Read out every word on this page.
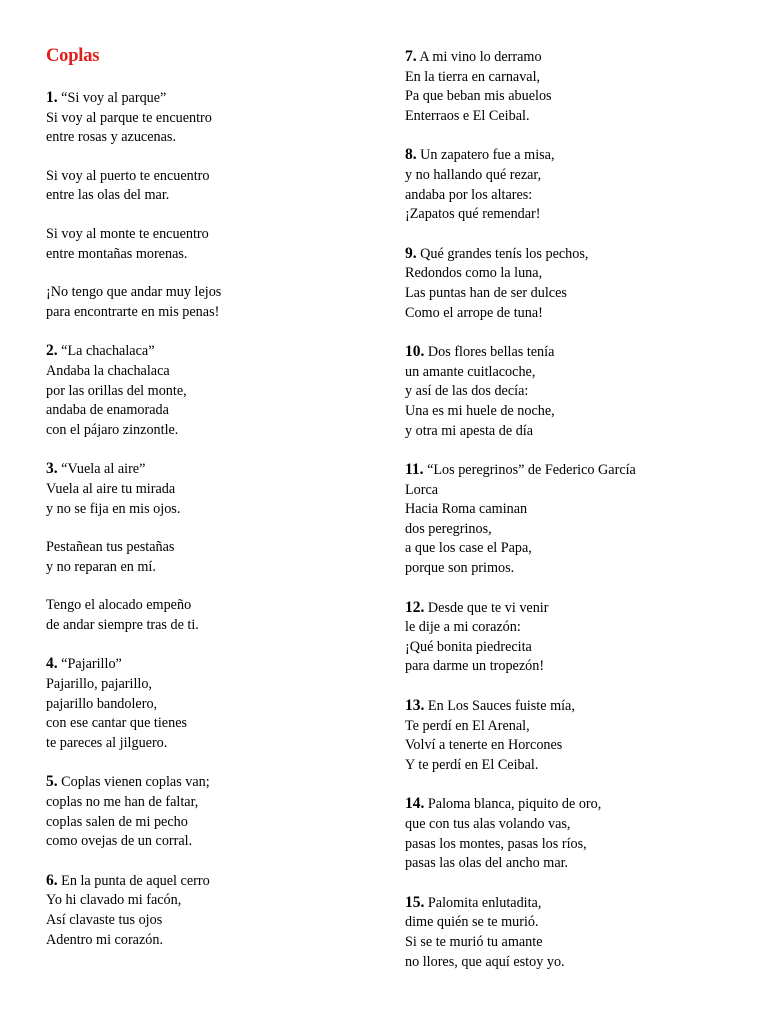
Coplas
1. “Si voy al parque”
Si voy al parque te encuentro
entre rosas y azucenas.
Si voy al puerto te encuentro
entre las olas del mar.
Si voy al monte te encuentro
entre montañas morenas.
¡No tengo que andar muy lejos
para encontrarte en mis penas!
2. “La chachalaca”
Andaba la chachalaca
por las orillas del monte,
andaba de enamorada
con el pájaro zinzontle.
3. “Vuela al aire”
Vuela al aire tu mirada
y no se fija en mis ojos.
Pestañean tus pestañas
y no reparan en mí.
Tengo el alocado empeño
de andar siempre tras de ti.
4. “Pajarillo”
Pajarillo, pajarillo,
pajarillo bandolero,
con ese cantar que tienes
te pareces al jilguero.
5. Coplas vienen coplas van;
coplas no me han de faltar,
coplas salen de mi pecho
como ovejas de un corral.
6. En la punta de aquel cerro
Yo hi clavado mi facón,
Así clavaste tus ojos
Adentro mi corazón.
7. A mi vino lo derramo
En la tierra en carnaval,
Pa que beban mis abuelos
Enterraos e El Ceibal.
8. Un zapatero fue a misa,
y no hallando qué rezar,
andaba por los altares:
¡Zapatos qué remendar!
9. Qué grandes tenís los pechos,
Redondos como la luna,
Las puntas han de ser dulces
Como el arrope de tuna!
10. Dos flores bellas tenía
un amante cuitlacoche,
y así de las dos decía:
Una es mi huele de noche,
y otra mi apesta de día
11. “Los peregrinos” de Federico García
Lorca
Hacia Roma caminan
dos peregrinos,
a que los case el Papa,
porque son primos.
12. Desde que te vi venir
le dije a mi corazón:
¡Qué bonita piedrecita
para darme un tropezón!
13. En Los Sauces fuiste mía,
Te perdí en El Arenal,
Volví a tenerte en Horcones
Y te perdí en El Ceibal.
14. Paloma blanca, piquito de oro,
que con tus alas volando vas,
pasas los montes, pasas los ríos,
pasas las olas del ancho mar.
15. Palomita enlutadita,
dime quién se te murió.
Si se te murió tu amante
no llores, que aquí estoy yo.
